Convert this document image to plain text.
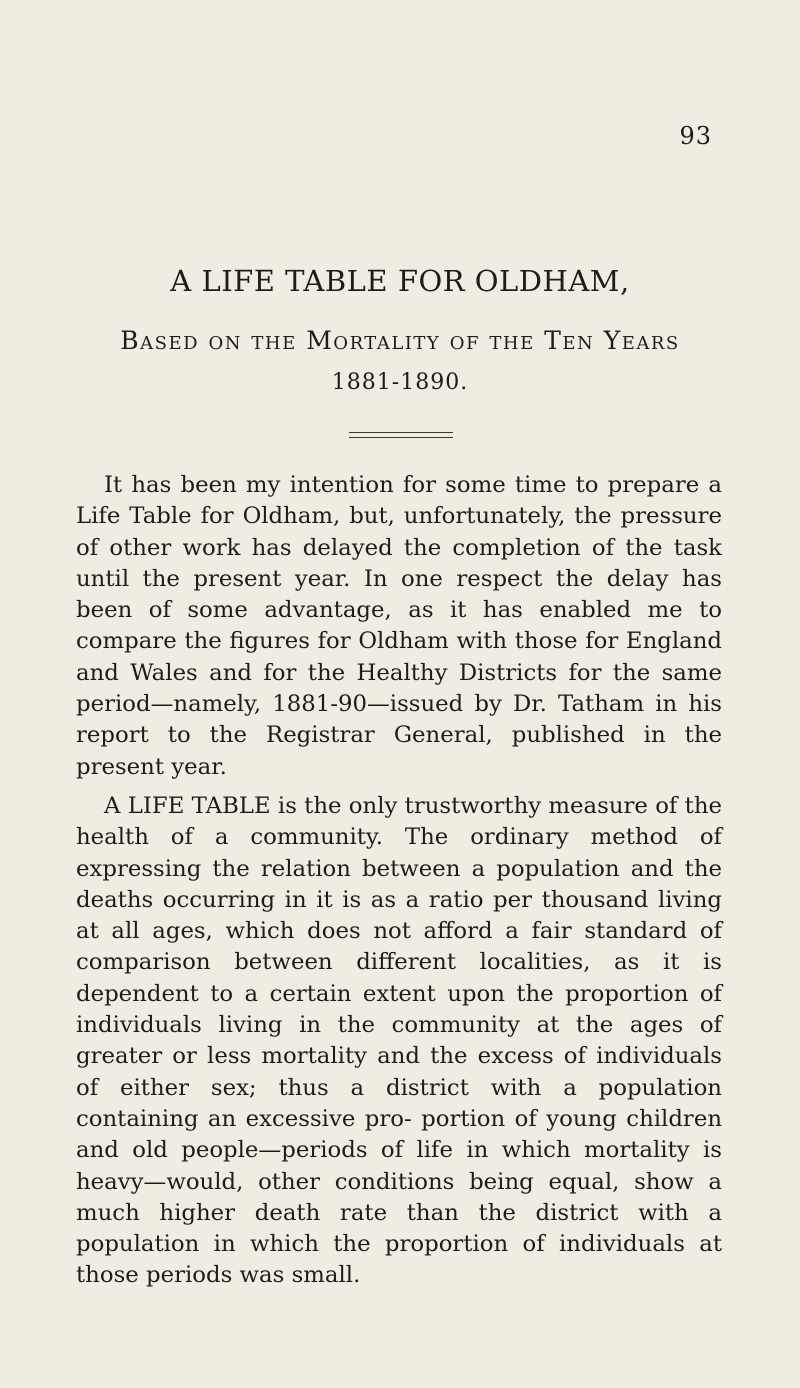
93
A LIFE TABLE FOR OLDHAM,
Based on the Mortality of the Ten Years
1881-1890.

It has been my intention for some time to prepare a Life Table for Oldham, but, unfortunately, the pressure of other work has delayed the completion of the task until the present year. In one respect the delay has been of some advantage, as it has enabled me to compare the figures for Oldham with those for England and Wales and for the Healthy Districts for the same period—namely, 1881-90—issued by Dr. Tatham in his report to the Registrar General, published in the present year.

A LIFE TABLE is the only trustworthy measure of the health of a community. The ordinary method of expressing the relation between a population and the deaths occurring in it is as a ratio per thousand living at all ages, which does not afford a fair standard of comparison between different localities, as it is dependent to a certain extent upon the proportion of individuals living in the community at the ages of greater or less mortality and the excess of individuals of either sex; thus a district with a population containing an excessive pro- portion of young children and old people—periods of life in which mortality is heavy—would, other conditions being equal, show a much higher death rate than the district with a population in which the proportion of individuals at those periods was small.
